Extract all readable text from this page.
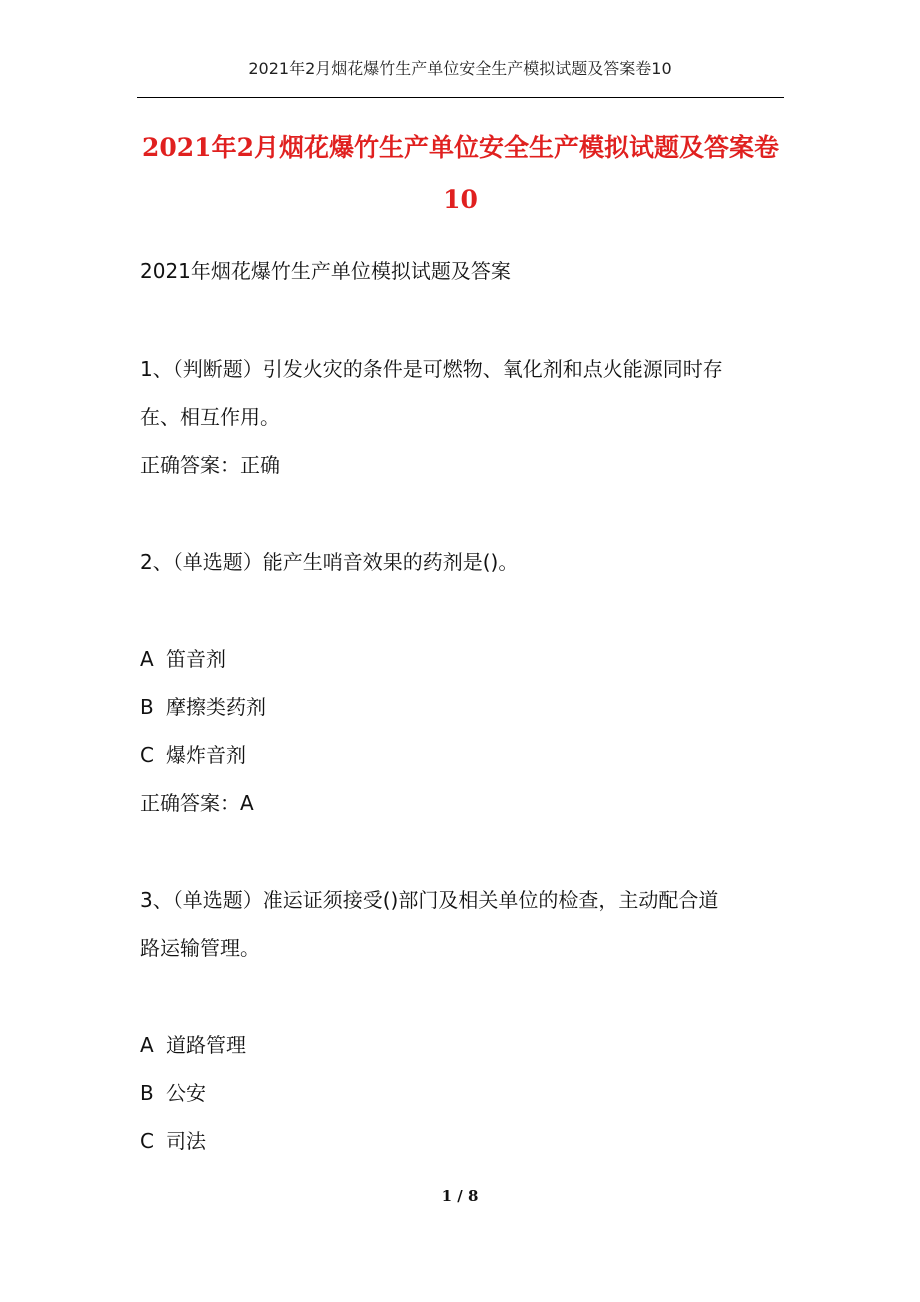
2021年2月烟花爆竹生产单位安全生产模拟试题及答案卷10
2021年2月烟花爆竹生产单位安全生产模拟试题及答案卷
10
2021年烟花爆竹生产单位模拟试题及答案
1、（判断题）引发火灾的条件是可燃物、氧化剂和点火能源同时存
在、相互作用。
正确答案：正确
2、（单选题）能产生哨音效果的药剂是()。
A 笛音剂
B 摩擦类药剂
C 爆炸音剂
正确答案：A
3、（单选题）准运证须接受()部门及相关单位的检查，主动配合道
路运输管理。
A 道路管理
B 公安
C 司法
1 / 8
